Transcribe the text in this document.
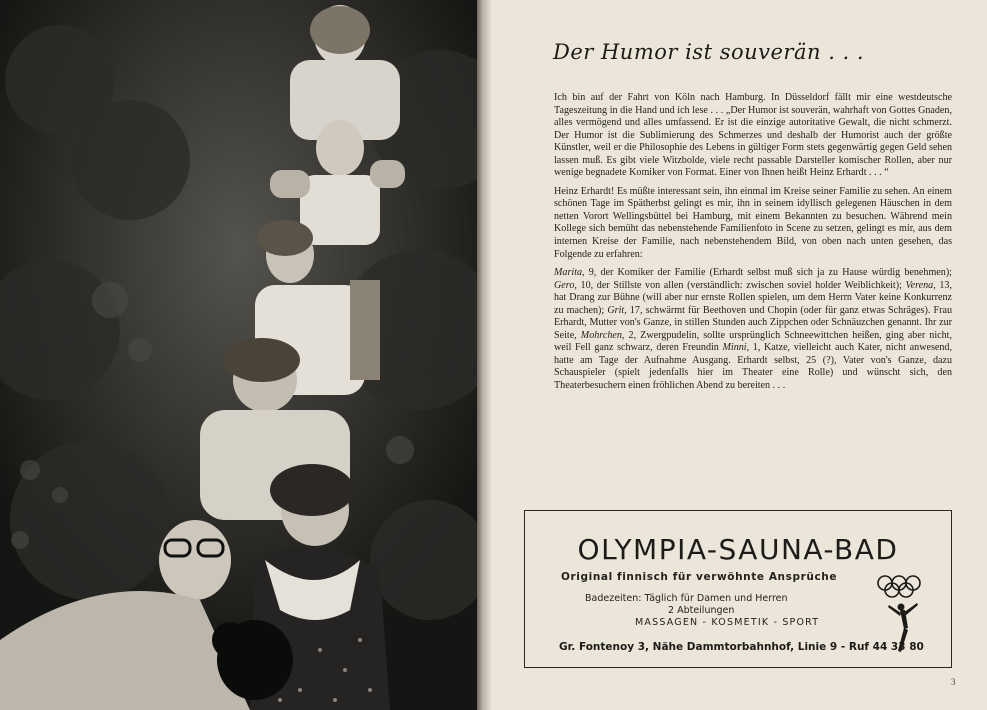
Der Humor ist souverän . . .

Ich bin auf der Fahrt von Köln nach Hamburg. In Düsseldorf fällt mir eine westdeutsche Tageszeitung in die Hand und ich lese . . . „Der Humor ist souverän, wahrhaft von Gottes Gnaden, alles vermögend und alles umfassend. Er ist die einzige autoritative Gewalt, die nicht schmerzt. Der Humor ist die Sublimierung des Schmerzes und deshalb der Humorist auch der größte Künstler, weil er die Philosophie des Lebens in gültiger Form stets gegenwärtig gegen Geld sehen lassen muß. Es gibt viele Witzbolde, viele recht passable Darsteller komischer Rollen, aber nur wenige begnadete Komiker von Format. Einer von Ihnen heißt Heinz Erhardt . . . “

Heinz Erhardt! Es müßte interessant sein, ihn einmal im Kreise seiner Familie zu sehen. An einem schönen Tage im Spätherbst gelingt es mir, ihn in seinem idyllisch gelegenen Häuschen in dem netten Vorort Wellingsbüttel bei Hamburg, mit einem Bekannten zu besuchen. Während mein Kollege sich bemüht das nebenstehende Familienfoto in Scene zu setzen, gelingt es mir, aus dem internen Kreise der Familie, nach nebenstehendem Bild, von oben nach unten gesehen, das Folgende zu erfahren:

Marita, 9, der Komiker der Familie (Erhardt selbst muß sich ja zu Hause würdig benehmen); Gero, 10, der Stillste von allen (verständlich: zwischen soviel holder Weiblichkeit); Verena, 13, hat Drang zur Bühne (will aber nur ernste Rollen spielen, um dem Herrn Vater keine Konkurrenz zu machen); Grit, 17, schwärmt für Beethoven und Chopin (oder für ganz etwas Schräges). Frau Erhardt, Mutter von's Ganze, in stillen Stunden auch Zippchen oder Schnäuzchen genannt. Ihr zur Seite, Mohrchen, 2, Zwergpudelin, sollte ursprünglich Schneewittchen heißen, ging aber nicht, weil Fell ganz schwarz, deren Freundin Minni, 1, Katze, vielleicht auch Kater, nicht anwesend, hatte am Tage der Aufnahme Ausgang. Erhardt selbst, 25 (?), Vater von's Ganze, dazu Schauspieler (spielt jedenfalls hier im Theater eine Rolle) und wünscht sich, den Theaterbesuchern einen fröhlichen Abend zu bereiten . . .

OLYMPIA-SAUNA-BAD
Original finnisch für verwöhnte Ansprüche
Badezeiten: Täglich für Damen und Herren
2 Abteilungen
MASSAGEN - KOSMETIK - SPORT
Gr. Fontenoy 3, Nähe Dammtorbahnhof, Linie 9 - Ruf 44 33 80
3
